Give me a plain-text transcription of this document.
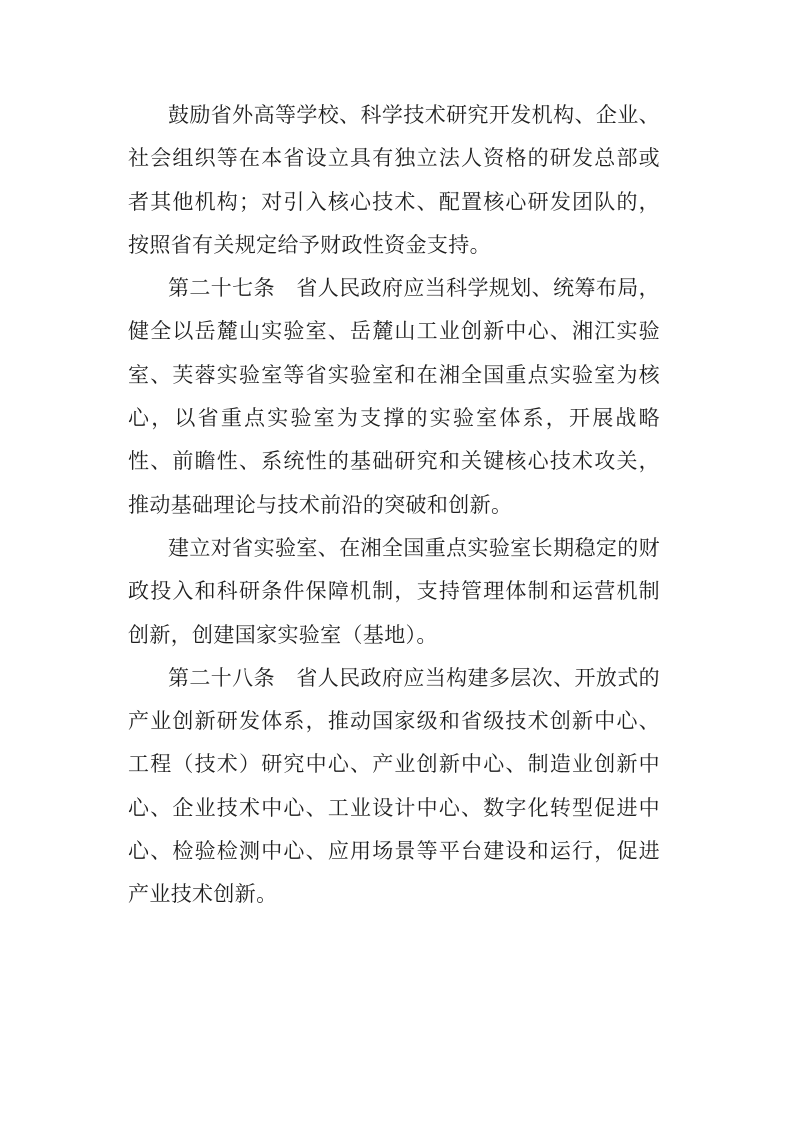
鼓励省外高等学校、科学技术研究开发机构、企业、社会组织等在本省设立具有独立法人资格的研发总部或者其他机构；对引入核心技术、配置核心研发团队的，按照省有关规定给予财政性资金支持。

第二十七条　省人民政府应当科学规划、统筹布局，健全以岳麓山实验室、岳麓山工业创新中心、湘江实验室、芙蓉实验室等省实验室和在湘全国重点实验室为核心，以省重点实验室为支撑的实验室体系，开展战略性、前瞻性、系统性的基础研究和关键核心技术攻关，推动基础理论与技术前沿的突破和创新。

建立对省实验室、在湘全国重点实验室长期稳定的财政投入和科研条件保障机制，支持管理体制和运营机制创新，创建国家实验室（基地）。

第二十八条　省人民政府应当构建多层次、开放式的产业创新研发体系，推动国家级和省级技术创新中心、工程（技术）研究中心、产业创新中心、制造业创新中心、企业技术中心、工业设计中心、数字化转型促进中心、检验检测中心、应用场景等平台建设和运行，促进产业技术创新。
